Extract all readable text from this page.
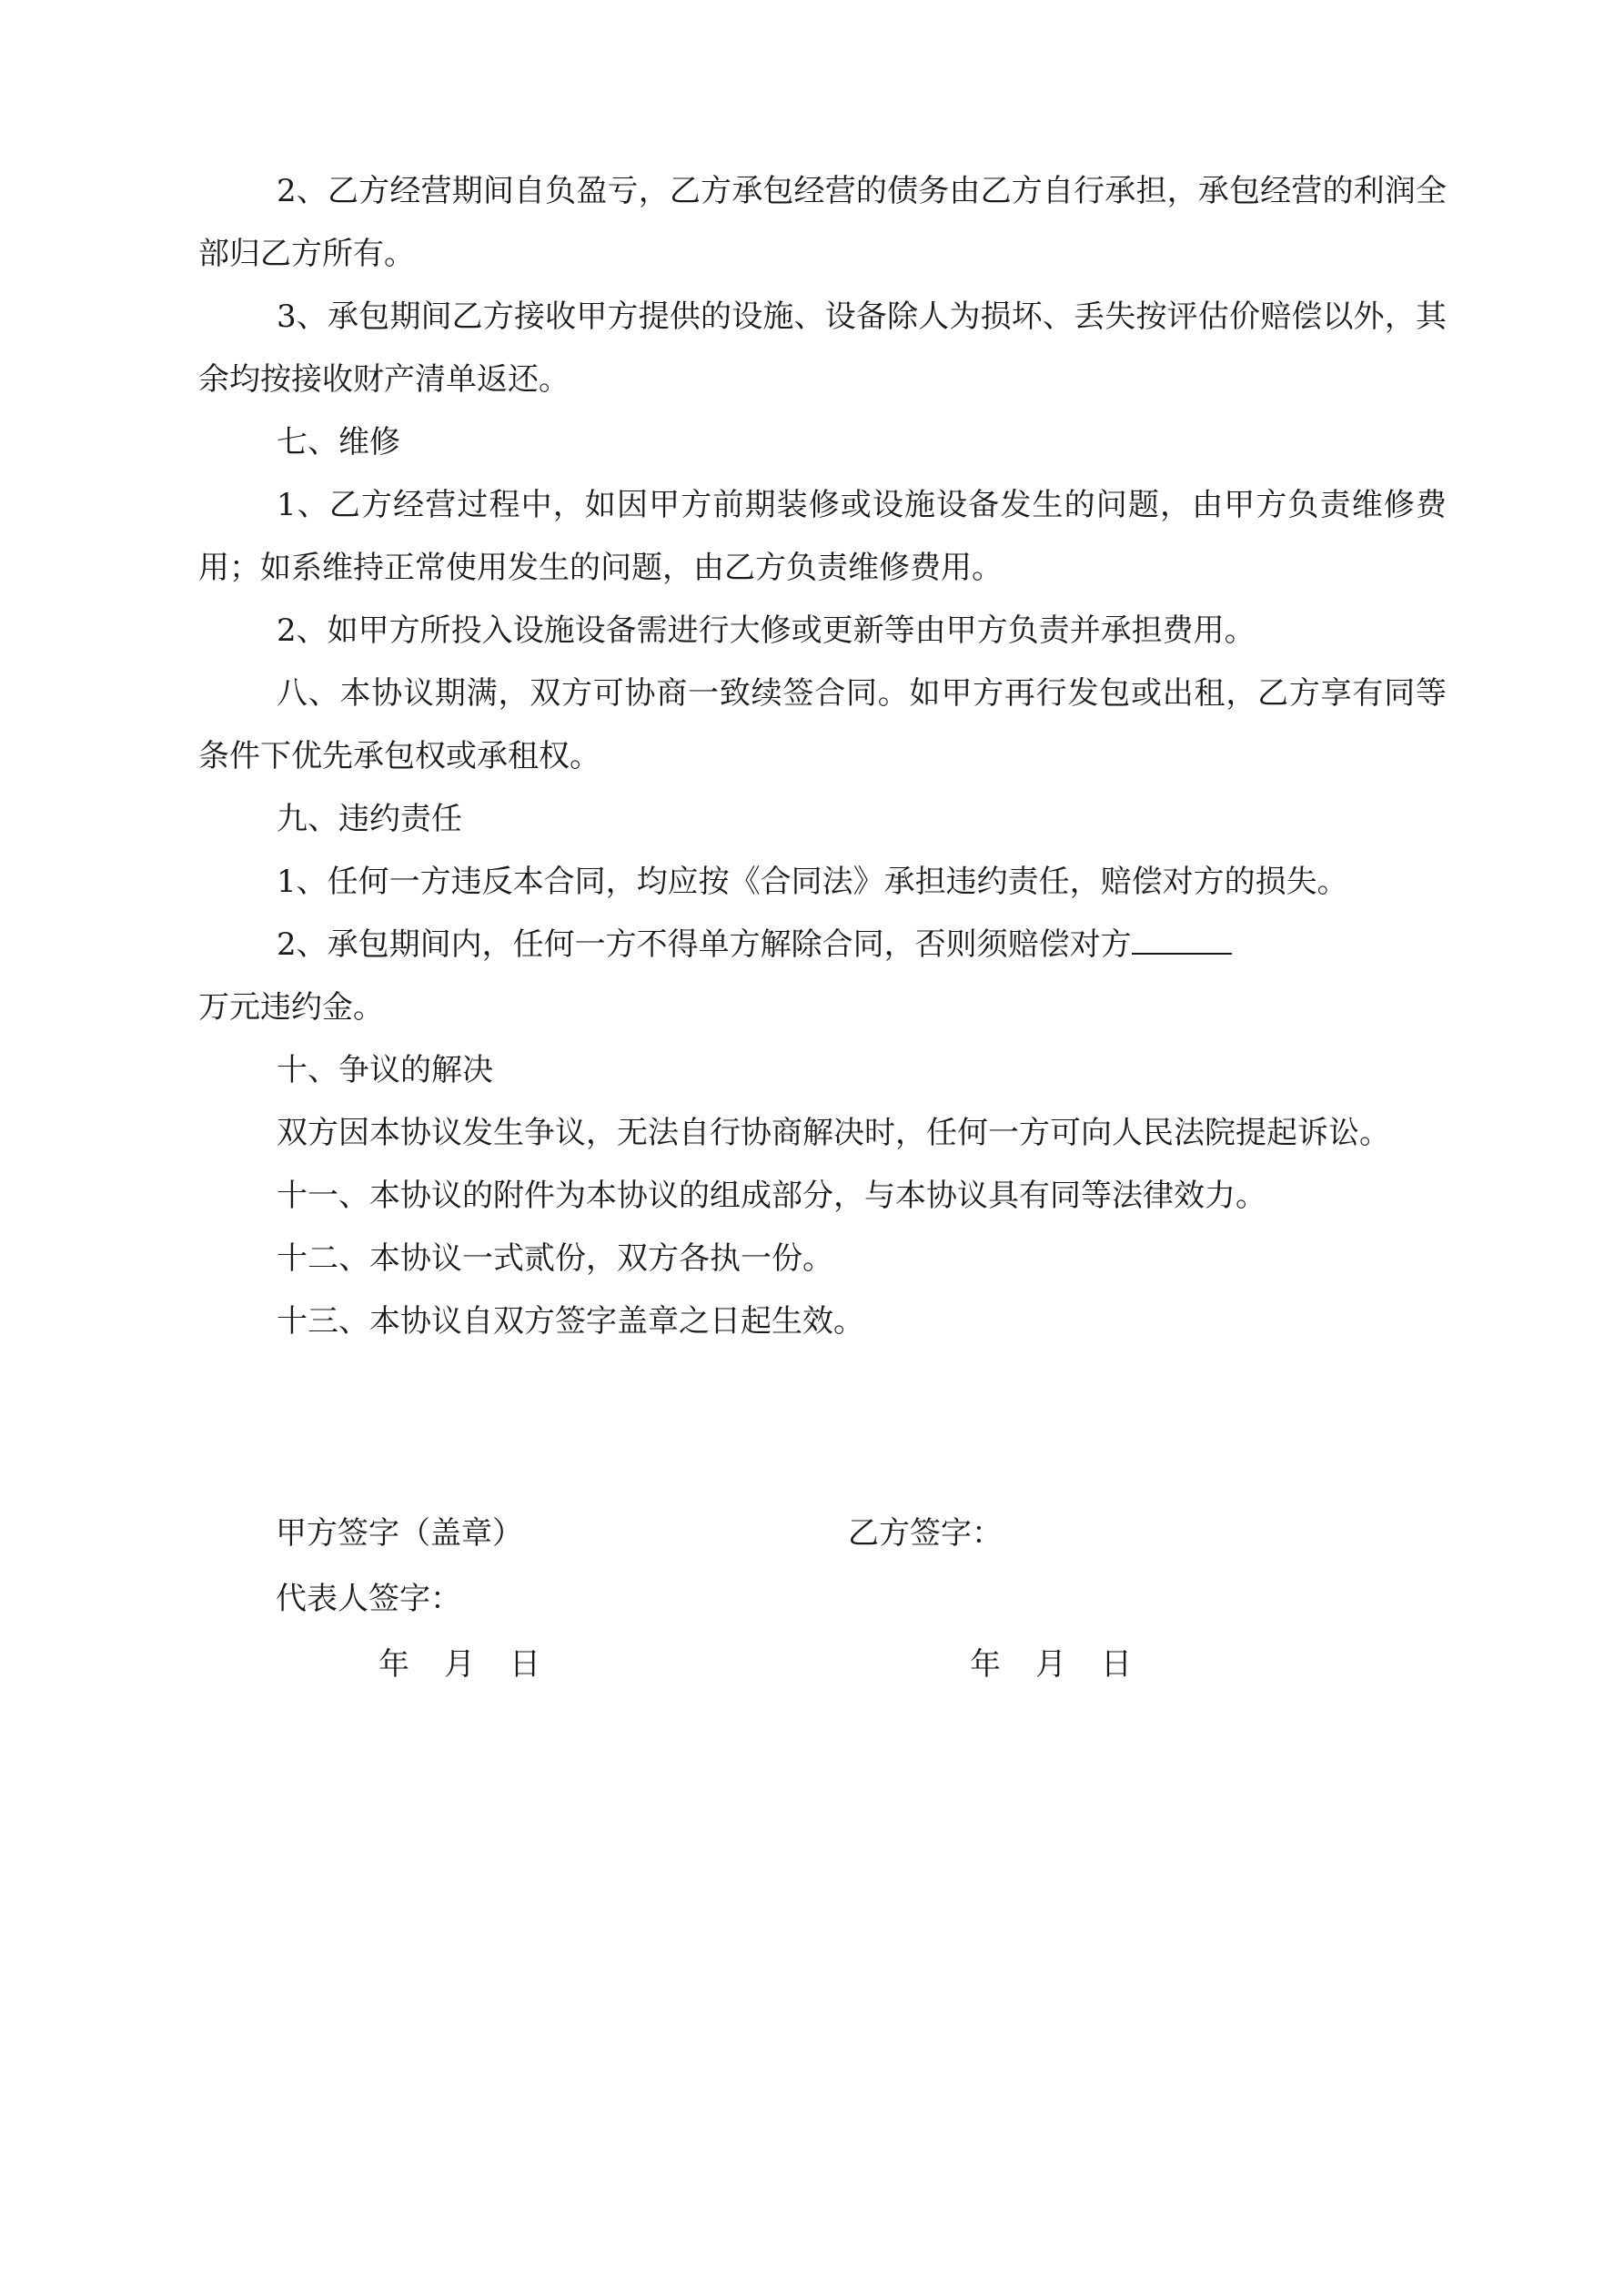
2、乙方经营期间自负盈亏，乙方承包经营的债务由乙方自行承担，承包经营的利润全部归乙方所有。

3、承包期间乙方接收甲方提供的设施、设备除人为损坏、丢失按评估价赔偿以外，其余均按接收财产清单返还。

七、维修

1、乙方经营过程中，如因甲方前期装修或设施设备发生的问题，由甲方负责维修费用；如系维持正常使用发生的问题，由乙方负责维修费用。

2、如甲方所投入设施设备需进行大修或更新等由甲方负责并承担费用。

八、本协议期满，双方可协商一致续签合同。如甲方再行发包或出租，乙方享有同等条件下优先承包权或承租权。

九、违约责任

1、任何一方违反本合同，均应按《合同法》承担违约责任，赔偿对方的损失。

2、承包期间内，任何一方不得单方解除合同，否则须赔偿对方

万元违约金。

十、争议的解决

双方因本协议发生争议，无法自行协商解决时，任何一方可向人民法院提起诉讼。

十一、本协议的附件为本协议的组成部分，与本协议具有同等法律效力。

十二、本协议一式贰份，双方各执一份。

十三、本协议自双方签字盖章之日起生效。

甲方签字（盖章）	乙方签字：
代表人签字：
年 月 日	年 月 日
